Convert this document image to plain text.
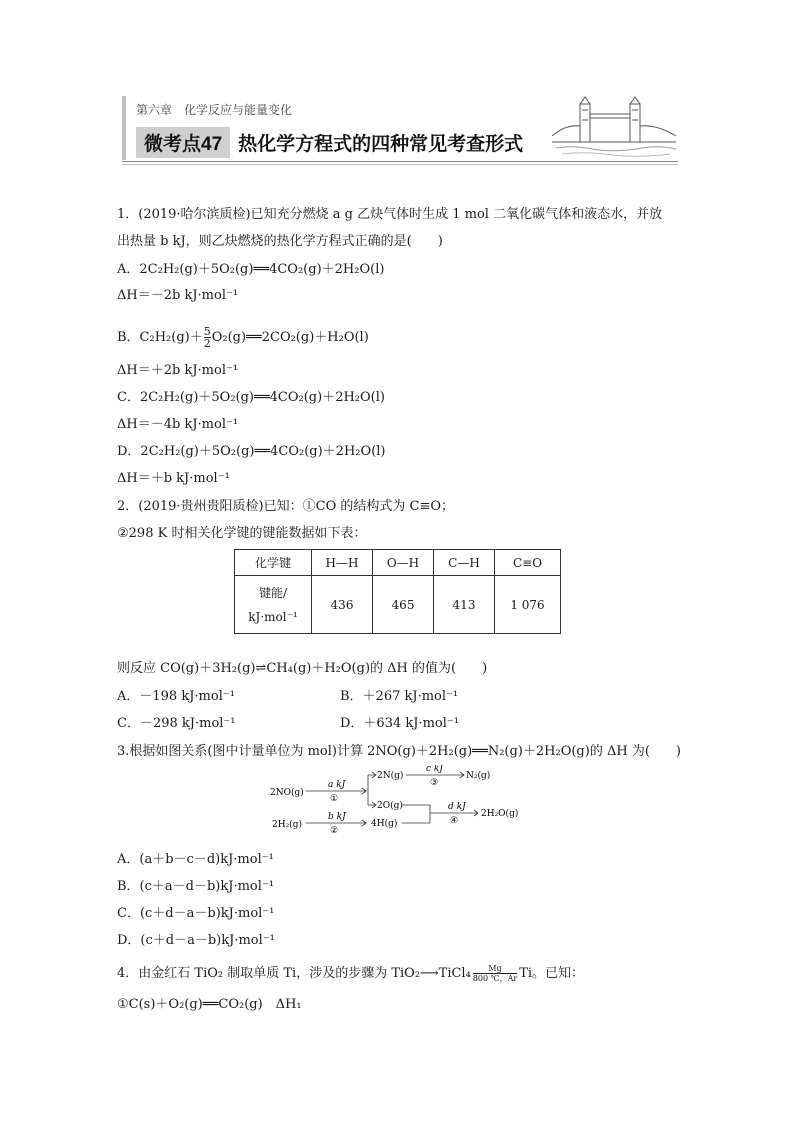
第六章　化学反应与能量变化
微考点47 热化学方程式的四种常见考查形式
1．(2019·哈尔滨质检)已知充分燃烧 a g 乙炔气体时生成 1 mol 二氧化碳气体和液态水，并放
出热量 b kJ，则乙炔燃烧的热化学方程式正确的是(　　)
A．2C₂H₂(g)＋5O₂(g)══4CO₂(g)＋2H₂O(l)
ΔH＝－2b kJ·mol⁻¹
B．$C_2H_2(g)+ \frac{5}{2}$ O₂(g)══2CO₂(g)＋H₂O(l)
ΔH＝＋2b kJ·mol⁻¹
C．2C₂H₂(g)＋5O₂(g)══4CO₂(g)＋2H₂O(l)
ΔH＝－4b kJ·mol⁻¹
D．2C₂H₂(g)＋5O₂(g)══4CO₂(g)＋2H₂O(l)
ΔH＝＋b kJ·mol⁻¹
2．(2019·贵州贵阳质检)已知：①CO 的结构式为 C≡O；
②298 K 时相关化学键的键能数据如下表：
化学键	H—H	O—H	C—H	C≡O

键能/
kJ·mol⁻¹	436	465	413	1 076
则反应 CO(g)＋3H₂(g)⇌CH₄(g)＋H₂O(g)的 ΔH 的值为(　　)
A．－198 kJ·mol⁻¹	B．＋267 kJ·mol⁻¹
C．－298 kJ·mol⁻¹	D．＋634 kJ·mol⁻¹
3.根据如图关系(图中计量单位为 mol)计算 2NO(g)＋2H₂(g)══N₂(g)＋2H₂O(g)的 ΔH 为(　　)
2NO(g)
2H₂(g)
a kJ
①
b kJ
②
2N(g)
2O(g)
4H(g)
c kJ
③
N₂(g)
d kJ
④
2H₂O(g)
A．(a＋b－c－d)kJ·mol⁻¹
B．(c＋a－d－b)kJ·mol⁻¹
C．(c＋d－a－b)kJ·mol⁻¹
D．(c＋d－a－b)kJ·mol⁻¹
4．由金红石 TiO₂ 制取单质 Ti，涉及的步骤为 TiO₂⟶TiCl₄ $\frac{Mg}{800 ℃,Ar}$ Ti。已知：
①C(s)＋O₂(g)══CO₂(g)　ΔH₁
